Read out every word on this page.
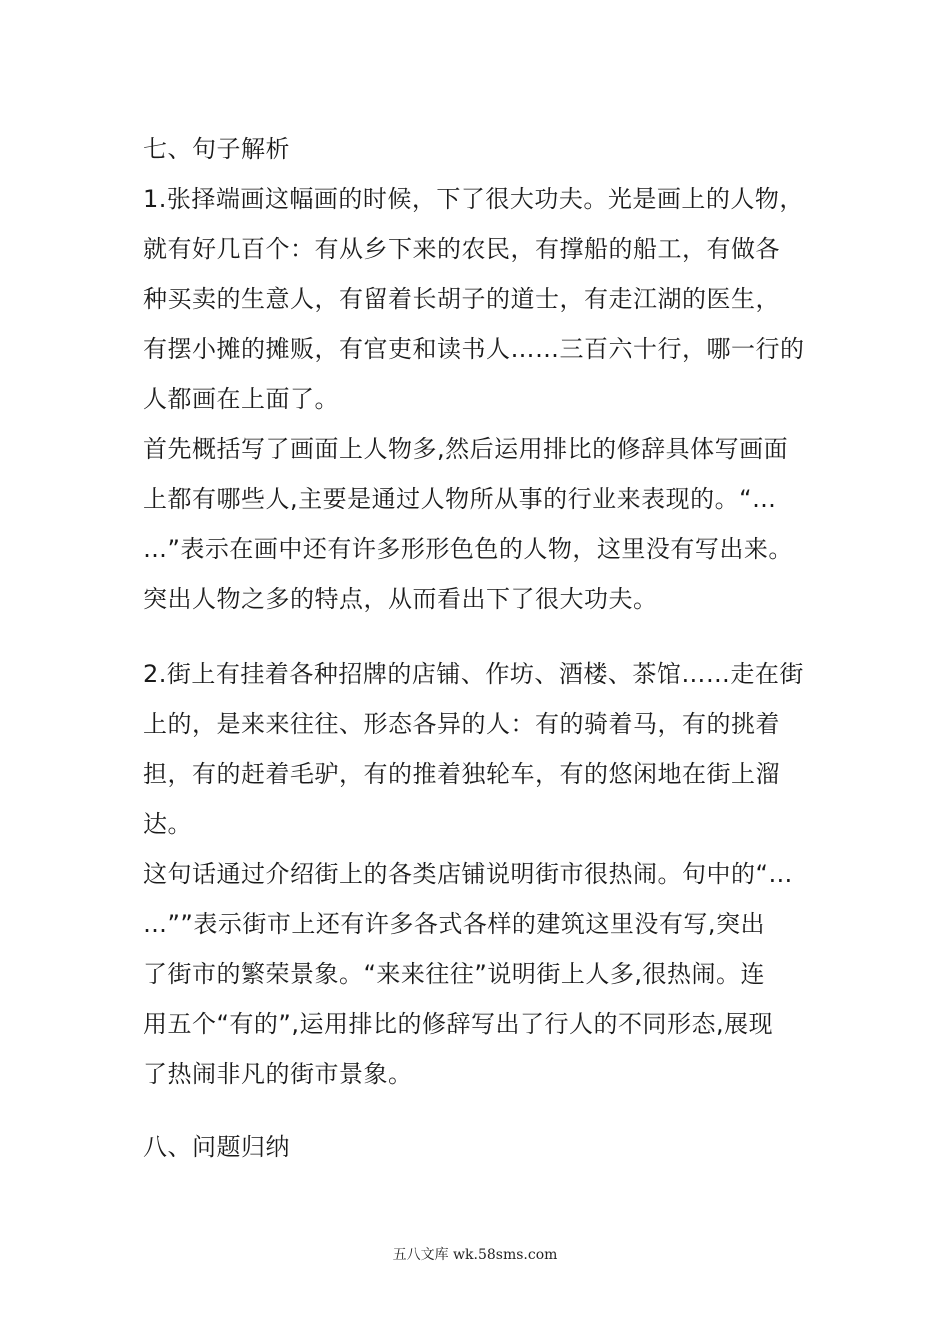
七、句子解析
1.张择端画这幅画的时候，下了很大功夫。光是画上的人物，
就有好几百个：有从乡下来的农民，有撑船的船工，有做各
种买卖的生意人，有留着长胡子的道士，有走江湖的医生，
有摆小摊的摊贩，有官吏和读书人……三百六十行，哪一行的
人都画在上面了。
首先概括写了画面上人物多,然后运用排比的修辞具体写画面
上都有哪些人,主要是通过人物所从事的行业来表现的。“…
…”表示在画中还有许多形形色色的人物，这里没有写出来。
突出人物之多的特点，从而看出下了很大功夫。
2.街上有挂着各种招牌的店铺、作坊、酒楼、茶馆……走在街
上的，是来来往往、形态各异的人：有的骑着马，有的挑着
担，有的赶着毛驴，有的推着独轮车，有的悠闲地在街上溜
达。
这句话通过介绍街上的各类店铺说明街市很热闹。句中的“…
…””表示街市上还有许多各式各样的建筑这里没有写,突出
了街市的繁荣景象。“来来往往”说明街上人多,很热闹。连
用五个“有的”,运用排比的修辞写出了行人的不同形态,展现
了热闹非凡的街市景象。
八、问题归纳
五八文库 wk.58sms.com
